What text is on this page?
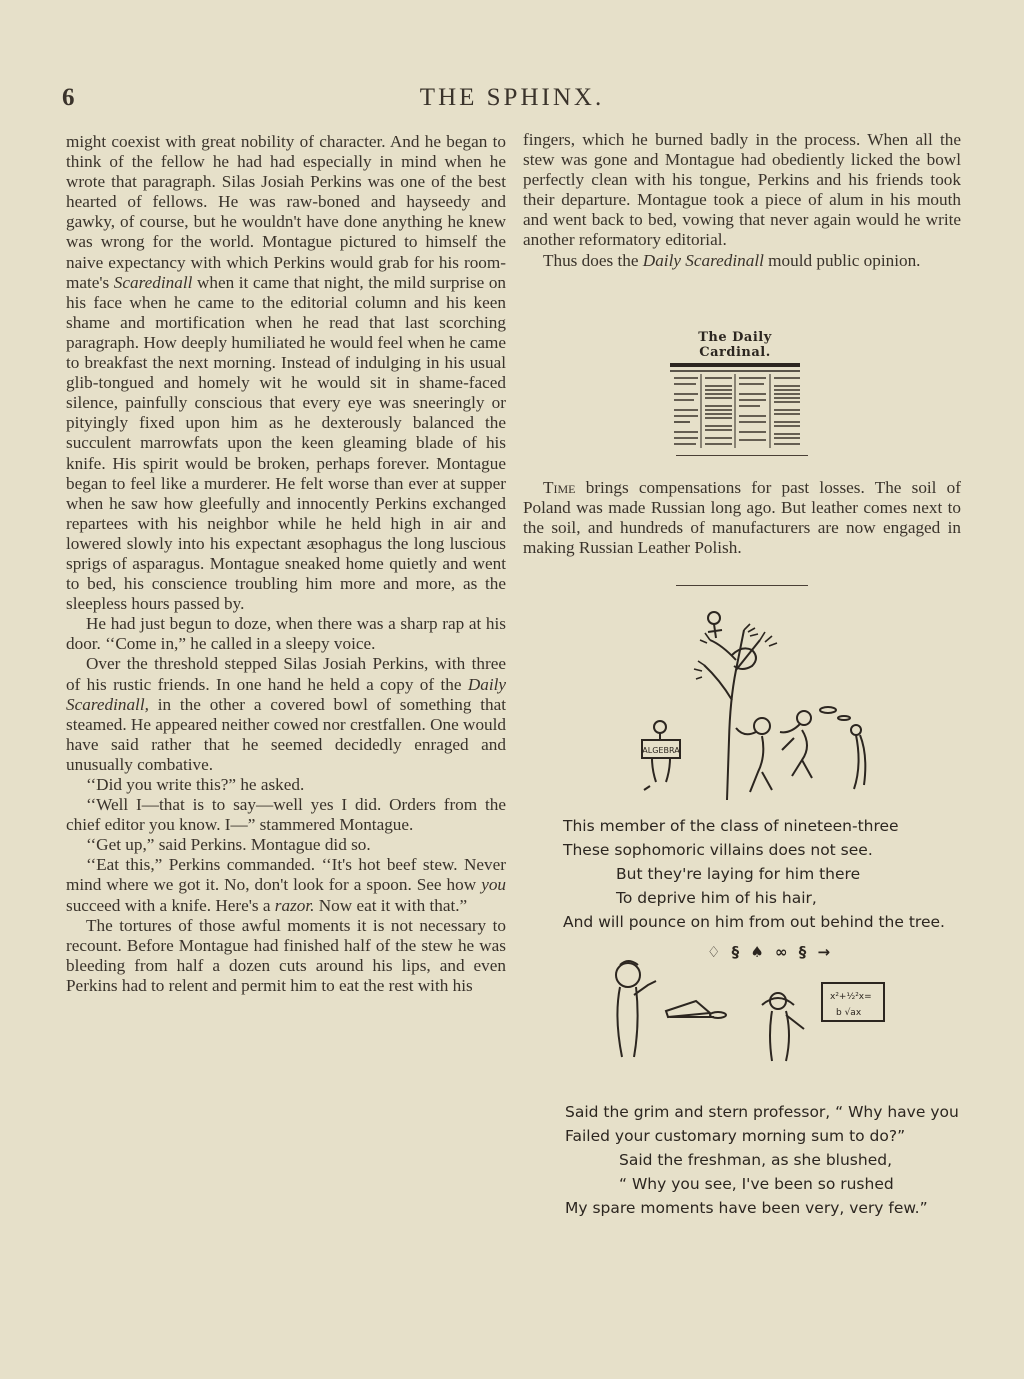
6	THE SPHINX.

might coexist with great nobility of character. And he began to think of the fellow he had had especially in mind when he wrote that paragraph. Silas Josiah Perkins was one of the best hearted of fellows. He was raw-boned and hayseedy and gawky, of course, but he wouldn't have done anything he knew was wrong for the world. Montague pictured to himself the naive expectancy with which Perkins would grab for his room-mate's Scaredinall when it came that night, the mild surprise on his face when he came to the editorial column and his keen shame and mortification when he read that last scorching paragraph. How deeply humiliated he would feel when he came to breakfast the next morning. Instead of indulging in his usual glib-tongued and homely wit he would sit in shame-faced silence, painfully conscious that every eye was sneeringly or pityingly fixed upon him as he dexterously balanced the succulent marrowfats upon the keen gleaming blade of his knife. His spirit would be broken, perhaps forever. Montague began to feel like a murderer. He felt worse than ever at supper when he saw how gleefully and innocently Perkins exchanged repartees with his neighbor while he held high in air and lowered slowly into his expectant æsophagus the long luscious sprigs of asparagus. Montague sneaked home quietly and went to bed, his conscience troubling him more and more, as the sleepless hours passed by.

He had just begun to doze, when there was a sharp rap at his door. ‘‘Come in,” he called in a sleepy voice.

Over the threshold stepped Silas Josiah Perkins, with three of his rustic friends. In one hand he held a copy of the Daily Scaredinall, in the other a covered bowl of something that steamed. He appeared neither cowed nor crestfallen. One would have said rather that he seemed decidedly enraged and unusually combative.

‘‘Did you write this?” he asked.

‘‘Well I—that is to say—well yes I did. Orders from the chief editor you know. I—” stammered Montague.

‘‘Get up,” said Perkins. Montague did so.

‘‘Eat this,” Perkins commanded. ‘‘It's hot beef stew. Never mind where we got it. No, don't look for a spoon. See how you succeed with a knife. Here's a razor. Now eat it with that.”

The tortures of those awful moments it is not necessary to recount. Before Montague had finished half of the stew he was bleeding from half a dozen cuts around his lips, and even Perkins had to relent and permit him to eat the rest with his

fingers, which he burned badly in the process. When all the stew was gone and Montague had obediently licked the bowl perfectly clean with his tongue, Perkins and his friends took their departure. Montague took a piece of alum in his mouth and went back to bed, vowing that never again would he write another reformatory editorial.

Thus does the Daily Scaredinall mould public opinion.

The Daily Cardinal.

Time brings compensations for past losses. The soil of Poland was made Russian long ago. But leather comes next to the soil, and hundreds of manufacturers are now engaged in making Russian Leather Polish.

ALGEBRA
This member of the class of nineteen-three
These sophomoric villains does not see.
But they're laying for him there
To deprive him of his hair,
And will pounce on him from out behind the tree.
♢ § ♠ ∞ § →
x²+½²x=
b √ax
Said the grim and stern professor, “ Why have you
Failed your customary morning sum to do?”
Said the freshman, as she blushed,
“ Why you see, I've been so rushed
My spare moments have been very, very few.”
